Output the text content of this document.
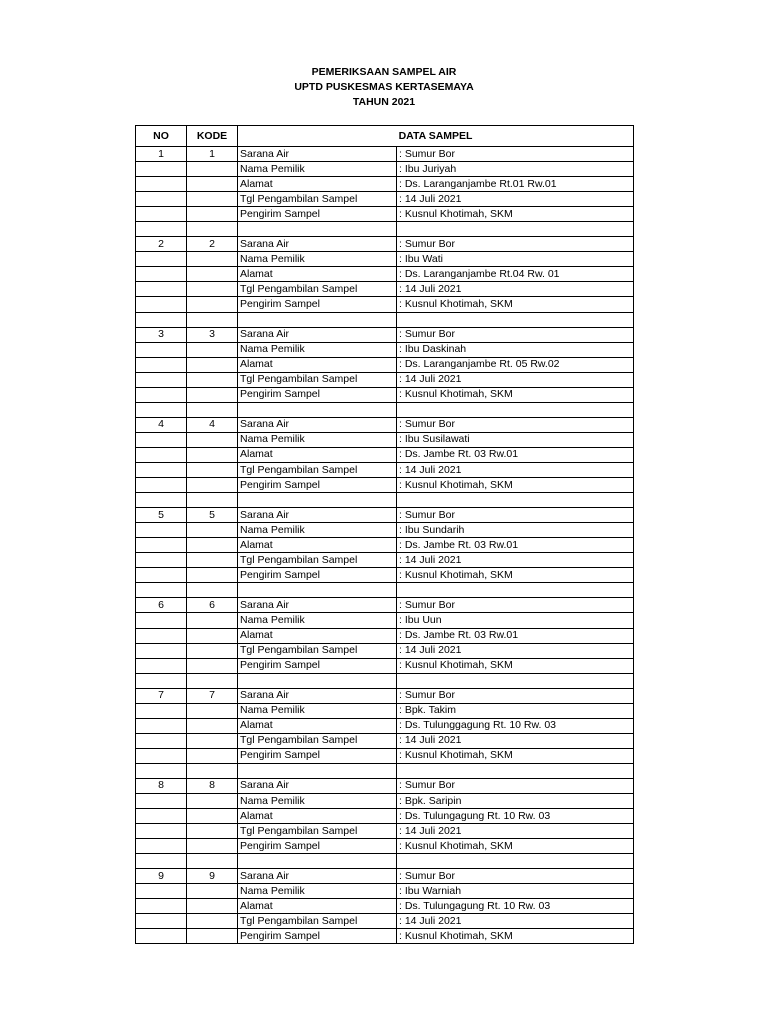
PEMERIKSAAN SAMPEL AIR
UPTD PUSKESMAS KERTASEMAYA
TAHUN 2021
NO	KODE	DATA SAMPEL	
1	1	Sarana Air	: Sumur Bor
		Nama Pemilik	: Ibu Juriyah
		Alamat	: Ds. Laranganjambe Rt.01 Rw.01
		Tgl Pengambilan Sampel	: 14 Juli 2021
		Pengirim Sampel	: Kusnul Khotimah, SKM

2	2	Sarana Air	: Sumur Bor
		Nama Pemilik	: Ibu Wati
		Alamat	: Ds. Laranganjambe Rt.04 Rw. 01
		Tgl Pengambilan Sampel	: 14 Juli 2021
		Pengirim Sampel	: Kusnul Khotimah, SKM

3	3	Sarana Air	: Sumur Bor
		Nama Pemilik	: Ibu Daskinah
		Alamat	: Ds. Laranganjambe Rt. 05 Rw.02
		Tgl Pengambilan Sampel	: 14 Juli 2021
		Pengirim Sampel	: Kusnul Khotimah, SKM

4	4	Sarana Air	: Sumur Bor
		Nama Pemilik	: Ibu Susilawati
		Alamat	: Ds. Jambe Rt. 03 Rw.01
		Tgl Pengambilan Sampel	: 14 Juli 2021
		Pengirim Sampel	: Kusnul Khotimah, SKM

5	5	Sarana Air	: Sumur Bor
		Nama Pemilik	: Ibu Sundarih
		Alamat	: Ds. Jambe Rt. 03 Rw.01
		Tgl Pengambilan Sampel	: 14 Juli 2021
		Pengirim Sampel	: Kusnul Khotimah, SKM

6	6	Sarana Air	: Sumur Bor
		Nama Pemilik	: Ibu Uun
		Alamat	: Ds. Jambe Rt. 03 Rw.01
		Tgl Pengambilan Sampel	: 14 Juli 2021
		Pengirim Sampel	: Kusnul Khotimah, SKM

7	7	Sarana Air	: Sumur Bor
		Nama Pemilik	: Bpk. Takim
		Alamat	: Ds. Tulunggagung Rt. 10 Rw. 03
		Tgl Pengambilan Sampel	: 14 Juli 2021
		Pengirim Sampel	: Kusnul Khotimah, SKM

8	8	Sarana Air	: Sumur Bor
		Nama Pemilik	: Bpk. Saripin
		Alamat	: Ds. Tulungagung Rt. 10 Rw. 03
		Tgl Pengambilan Sampel	: 14 Juli 2021
		Pengirim Sampel	: Kusnul Khotimah, SKM

9	9	Sarana Air	: Sumur Bor
		Nama Pemilik	: Ibu Warniah
		Alamat	: Ds. Tulungagung Rt. 10 Rw. 03
		Tgl Pengambilan Sampel	: 14 Juli 2021
		Pengirim Sampel	: Kusnul Khotimah, SKM
